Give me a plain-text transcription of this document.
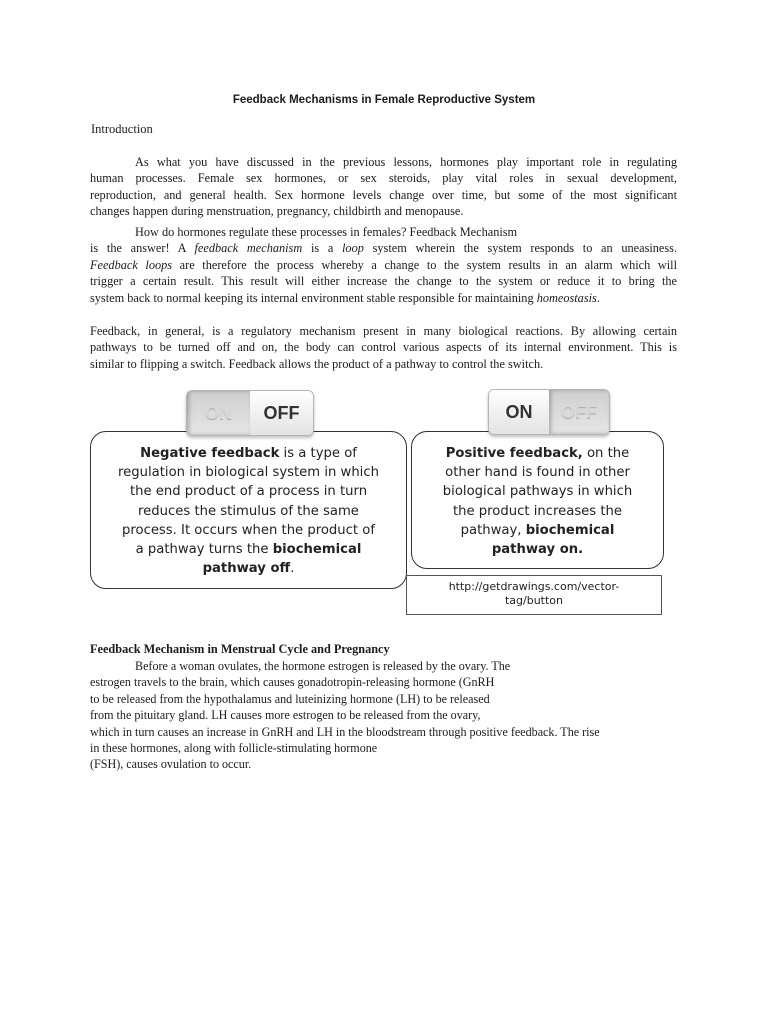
Feedback Mechanisms in Female Reproductive System
Introduction
As what you have discussed in the previous lessons, hormones play important role in regulating
human processes. Female sex hormones, or sex steroids, play vital roles in sexual development,
reproduction, and general health. Sex hormone levels change over time, but some of the most significant
changes happen during menstruation, pregnancy, childbirth and menopause.
How do hormones regulate these processes in females? Feedback Mechanism
is the answer! A feedback mechanism is a loop system wherein the system responds to an uneasiness.
Feedback loops are therefore the process whereby a change to the system results in an alarm which will
trigger a certain result. This result will either increase the change to the system or reduce it to bring the
system back to normal keeping its internal environment stable responsible for maintaining homeostasis.
Feedback, in general, is a regulatory mechanism present in many biological reactions. By allowing certain
pathways to be turned off and on, the body can control various aspects of its internal environment. This is
similar to flipping a switch. Feedback allows the product of a pathway to control the switch.
Negative feedback is a type of
regulation in biological system in which
the end product of a process in turn
reduces the stimulus of the same
process. It occurs when the product of
a pathway turns the biochemical
pathway off.
Positive feedback, on the
other hand is found in other
biological pathways in which
the product increases the
pathway, biochemical
pathway on.
ON	OFF	ON	OFF
http://getdrawings.com/vector-
tag/button
Feedback Mechanism in Menstrual Cycle and Pregnancy
Before a woman ovulates, the hormone estrogen is released by the ovary. The
estrogen travels to the brain, which causes gonadotropin-releasing hormone (GnRH
to be released from the hypothalamus and luteinizing hormone (LH) to be released
from the pituitary gland. LH causes more estrogen to be released from the ovary,
which in turn causes an increase in GnRH and LH in the bloodstream through positive feedback. The rise
in these hormones, along with follicle-stimulating hormone
(FSH), causes ovulation to occur.
